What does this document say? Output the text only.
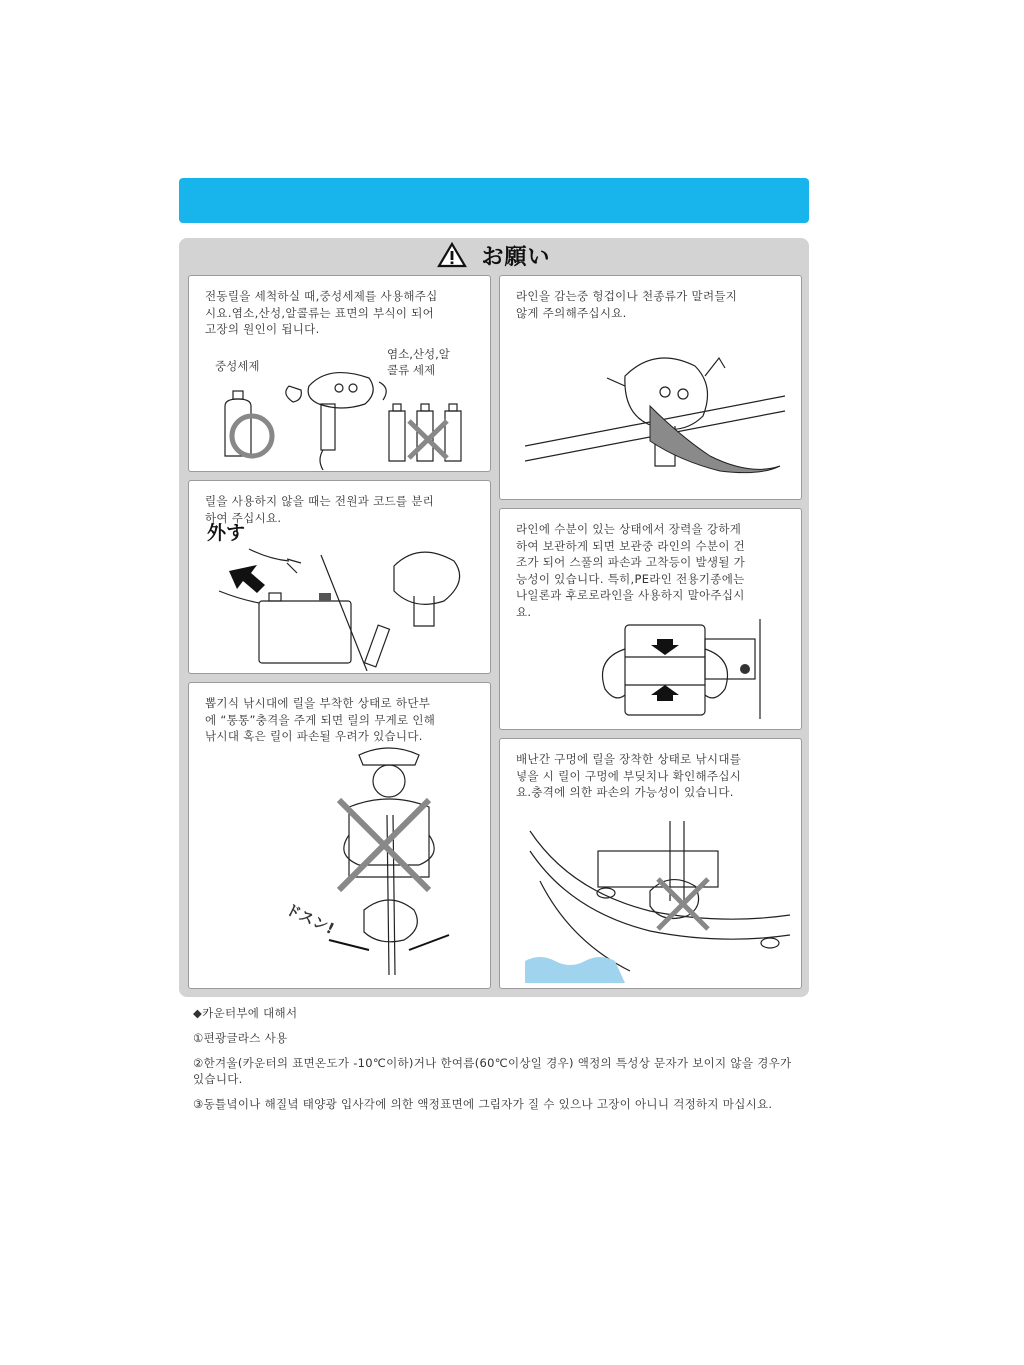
お願い
전동릴을 세척하실 때,중성세제를 사용해주십
시요.염소,산성,알콜류는 표면의 부식이 되어
고장의 원인이 됩니다.
중성세제
염소,산성,알
콜류 세제
라인을 감는중 헝겁이나 천종류가 말려들지
않게 주의해주십시요.
릴을 사용하지 않을 때는 전원과 코드를 분리
하여 주십시요.
外す	라인에 수분이 있는 상태에서 장력을 강하게
하여 보관하게 되면 보관중 라인의 수분이 건
조가 되어 스풀의 파손과 고착등이 발생될 가
능성이 있습니다. 특히,PE라인 전용기종에는
나일론과 후로로라인을 사용하지 말아주십시
요.
뽑기식 낚시대에 릴을 부착한 상태로 하단부
에 “통통”충격을 주게 되면 릴의 무게로 인해
낚시대 혹은 릴이 파손될 우려가 있습니다.
ドスン!
배난간 구멍에 릴을 장착한 상태로 낚시대를
넣을 시 릴이 구멍에 부딪치나 확인해주십시
요.충격에 의한 파손의 가능성이 있습니다.

◆카운터부에 대해서

①편광글라스 사용

②한겨울(카운터의 표면온도가 -10℃이하)거나 한여름(60℃이상일 경우) 액정의 특성상 문자가 보이지 않을 경우가 있습니다.

③동틀녘이나 해질녘 태양광 입사각에 의한 액정표면에 그림자가 질 수 있으나 고장이 아니니 걱정하지 마십시요.
